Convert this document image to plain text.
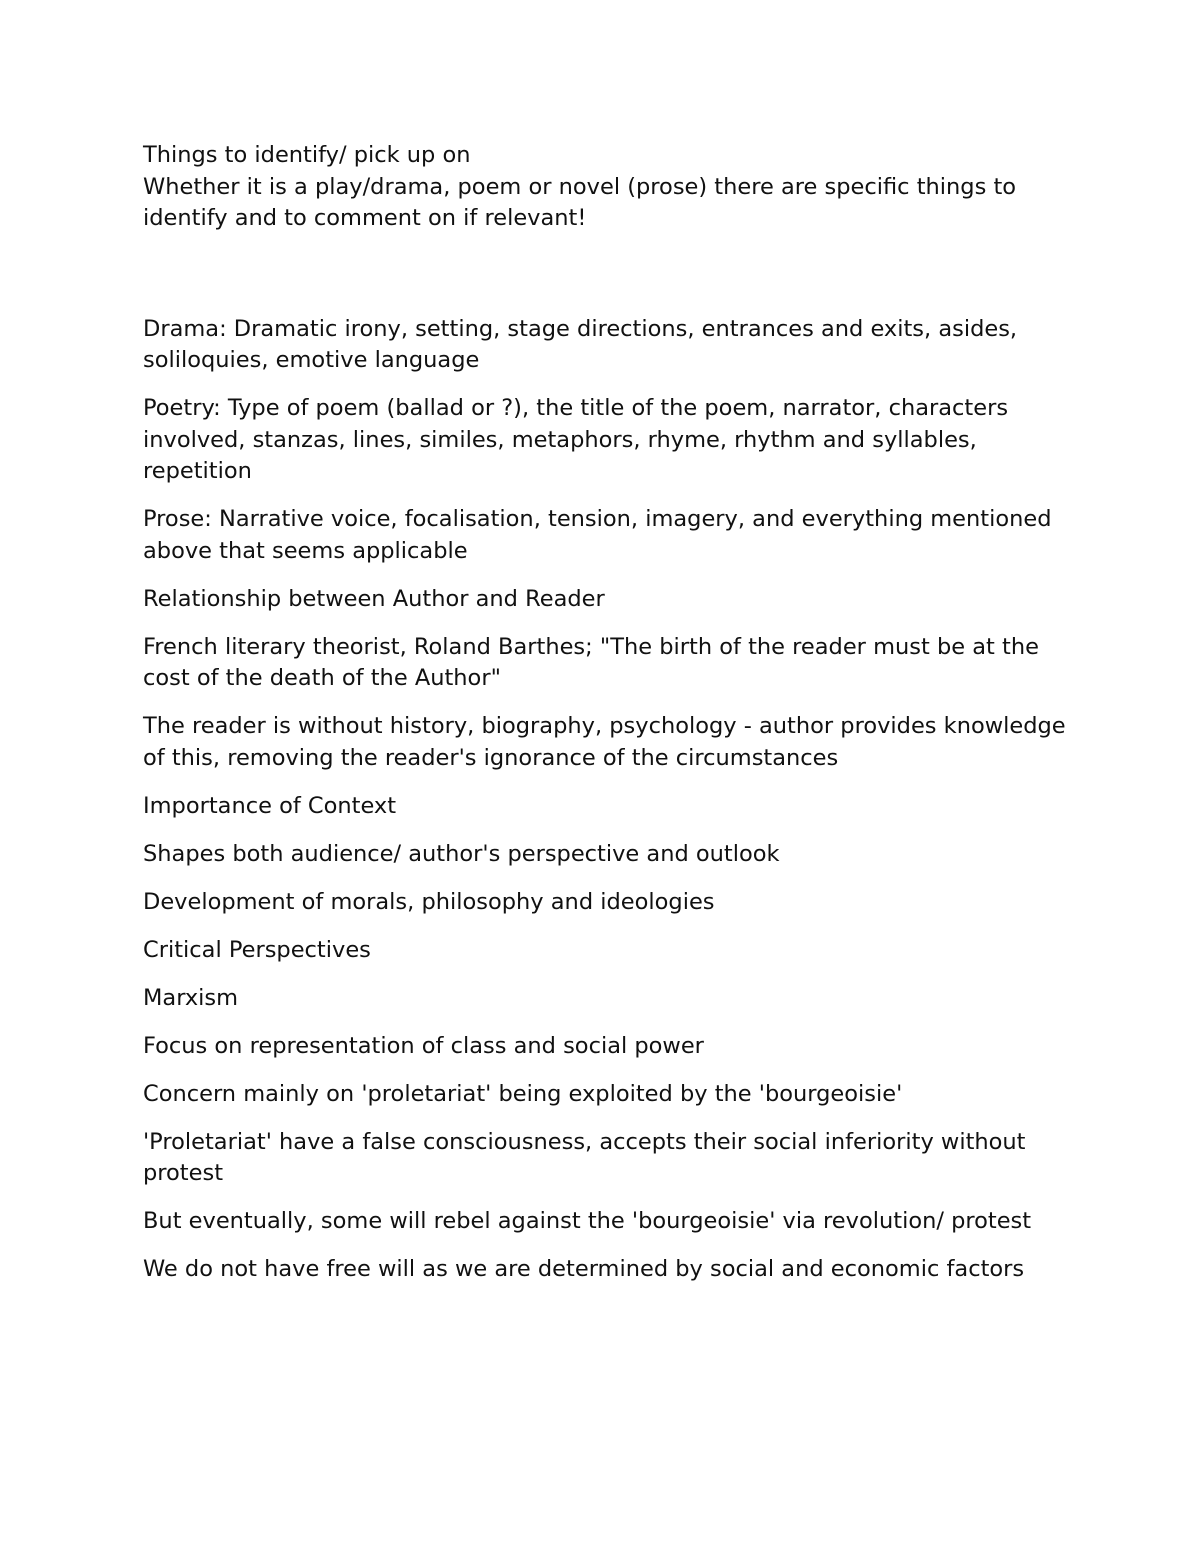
Things to identify/ pick up on
Whether it is a play/drama, poem or novel (prose) there are specific things to
identify and to comment on if relevant!

Drama: Dramatic irony, setting, stage directions, entrances and exits, asides, soliloquies, emotive language

Poetry: Type of poem (ballad or ?), the title of the poem, narrator, characters involved, stanzas, lines, similes, metaphors, rhyme, rhythm and syllables, repetition

Prose: Narrative voice, focalisation, tension, imagery, and everything mentioned above that seems applicable

Relationship between Author and Reader

French literary theorist, Roland Barthes; "The birth of the reader must be at the cost of the death of the Author"

The reader is without history, biography, psychology - author provides knowledge of this, removing the reader's ignorance of the circumstances

Importance of Context

Shapes both audience/ author's perspective and outlook

Development of morals, philosophy and ideologies

Critical Perspectives

Marxism

Focus on representation of class and social power

Concern mainly on 'proletariat' being exploited by the 'bourgeoisie'

'Proletariat' have a false consciousness, accepts their social inferiority without protest

But eventually, some will rebel against the 'bourgeoisie' via revolution/ protest

We do not have free will as we are determined by social and economic factors
